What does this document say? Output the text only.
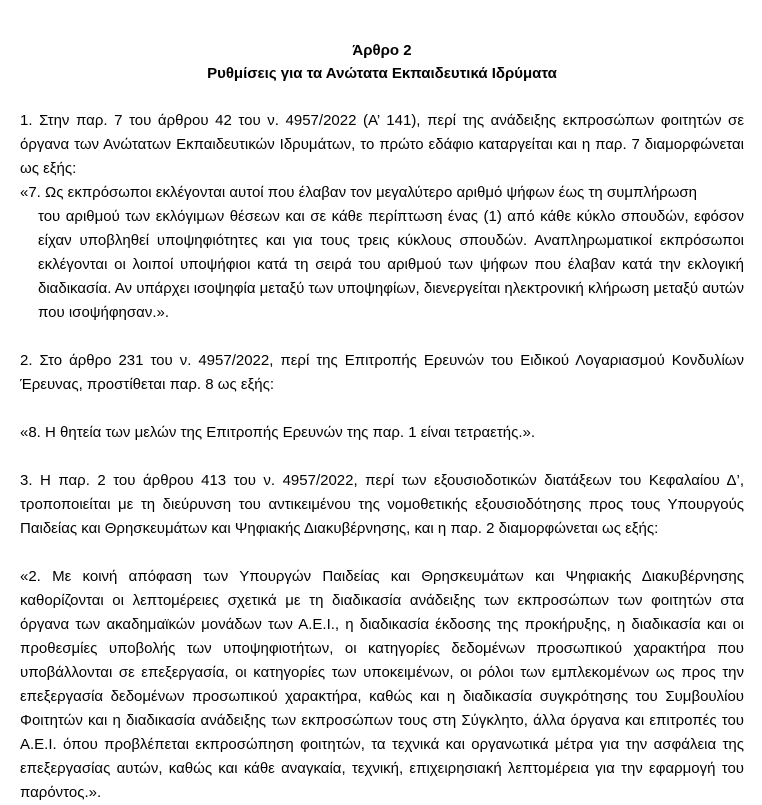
Άρθρο 2
Ρυθμίσεις για τα Ανώτατα Εκπαιδευτικά Ιδρύματα

1. Στην παρ. 7 του άρθρου 42 του ν. 4957/2022 (Α’ 141), περί της ανάδειξης εκπροσώπων φοιτητών σε όργανα των Ανώτατων Εκπαιδευτικών Ιδρυμάτων, το πρώτο εδάφιο καταργείται και η παρ. 7 διαμορφώνεται ως εξής:

«7. Ως εκπρόσωποι εκλέγονται αυτοί που έλαβαν τον μεγαλύτερο αριθμό ψήφων έως τη συμπλήρωση
του αριθμού των εκλόγιμων θέσεων και σε κάθε περίπτωση ένας (1) από κάθε κύκλο σπουδών, εφόσον είχαν υποβληθεί υποψηφιότητες και για τους τρεις κύκλους σπουδών. Αναπληρωματικοί εκπρόσωποι εκλέγονται οι λοιποί υποψήφιοι κατά τη σειρά του αριθμού των ψήφων που έλαβαν κατά την εκλογική διαδικασία. Αν υπάρχει ισοψηφία μεταξύ των υποψηφίων, διενεργείται ηλεκτρονική κλήρωση μεταξύ αυτών που ισοψήφησαν.».

2. Στο άρθρο 231 του ν. 4957/2022, περί της Επιτροπής Ερευνών του Ειδικού Λογαριασμού Κονδυλίων Έρευνας, προστίθεται παρ. 8 ως εξής:

«8. Η θητεία των μελών της Επιτροπής Ερευνών της παρ. 1 είναι τετραετής.».

3. Η παρ. 2 του άρθρου 413 του ν. 4957/2022, περί των εξουσιοδοτικών διατάξεων του Κεφαλαίου Δ’, τροποποιείται με τη διεύρυνση του αντικειμένου της νομοθετικής εξουσιοδότησης προς τους Υπουργούς Παιδείας και Θρησκευμάτων και Ψηφιακής Διακυβέρνησης, και η παρ. 2 διαμορφώνεται ως εξής:

«2. Με κοινή απόφαση των Υπουργών Παιδείας και Θρησκευμάτων και Ψηφιακής Διακυβέρνησης καθορίζονται οι λεπτομέρειες σχετικά με τη διαδικασία ανάδειξης των εκπροσώπων των φοιτητών στα όργανα των ακαδημαϊκών μονάδων των Α.Ε.Ι., η διαδικασία έκδοσης της προκήρυξης, η διαδικασία και οι προθεσμίες υποβολής των υποψηφιοτήτων, οι κατηγορίες δεδομένων προσωπικού χαρακτήρα που υποβάλλονται σε επεξεργασία, οι κατηγορίες των υποκειμένων, οι ρόλοι των εμπλεκομένων ως προς την επεξεργασία δεδομένων προσωπικού χαρακτήρα, καθώς και η διαδικασία συγκρότησης του Συμβουλίου Φοιτητών και η διαδικασία ανάδειξης των εκπροσώπων τους στη Σύγκλητο, άλλα όργανα και επιτροπές του Α.Ε.Ι. όπου προβλέπεται εκπροσώπηση φοιτητών, τα τεχνικά και οργανωτικά μέτρα για την ασφάλεια της επεξεργασίας αυτών, καθώς και κάθε αναγκαία, τεχνική, επιχειρησιακή λεπτομέρεια για την εφαρμογή του παρόντος.».
